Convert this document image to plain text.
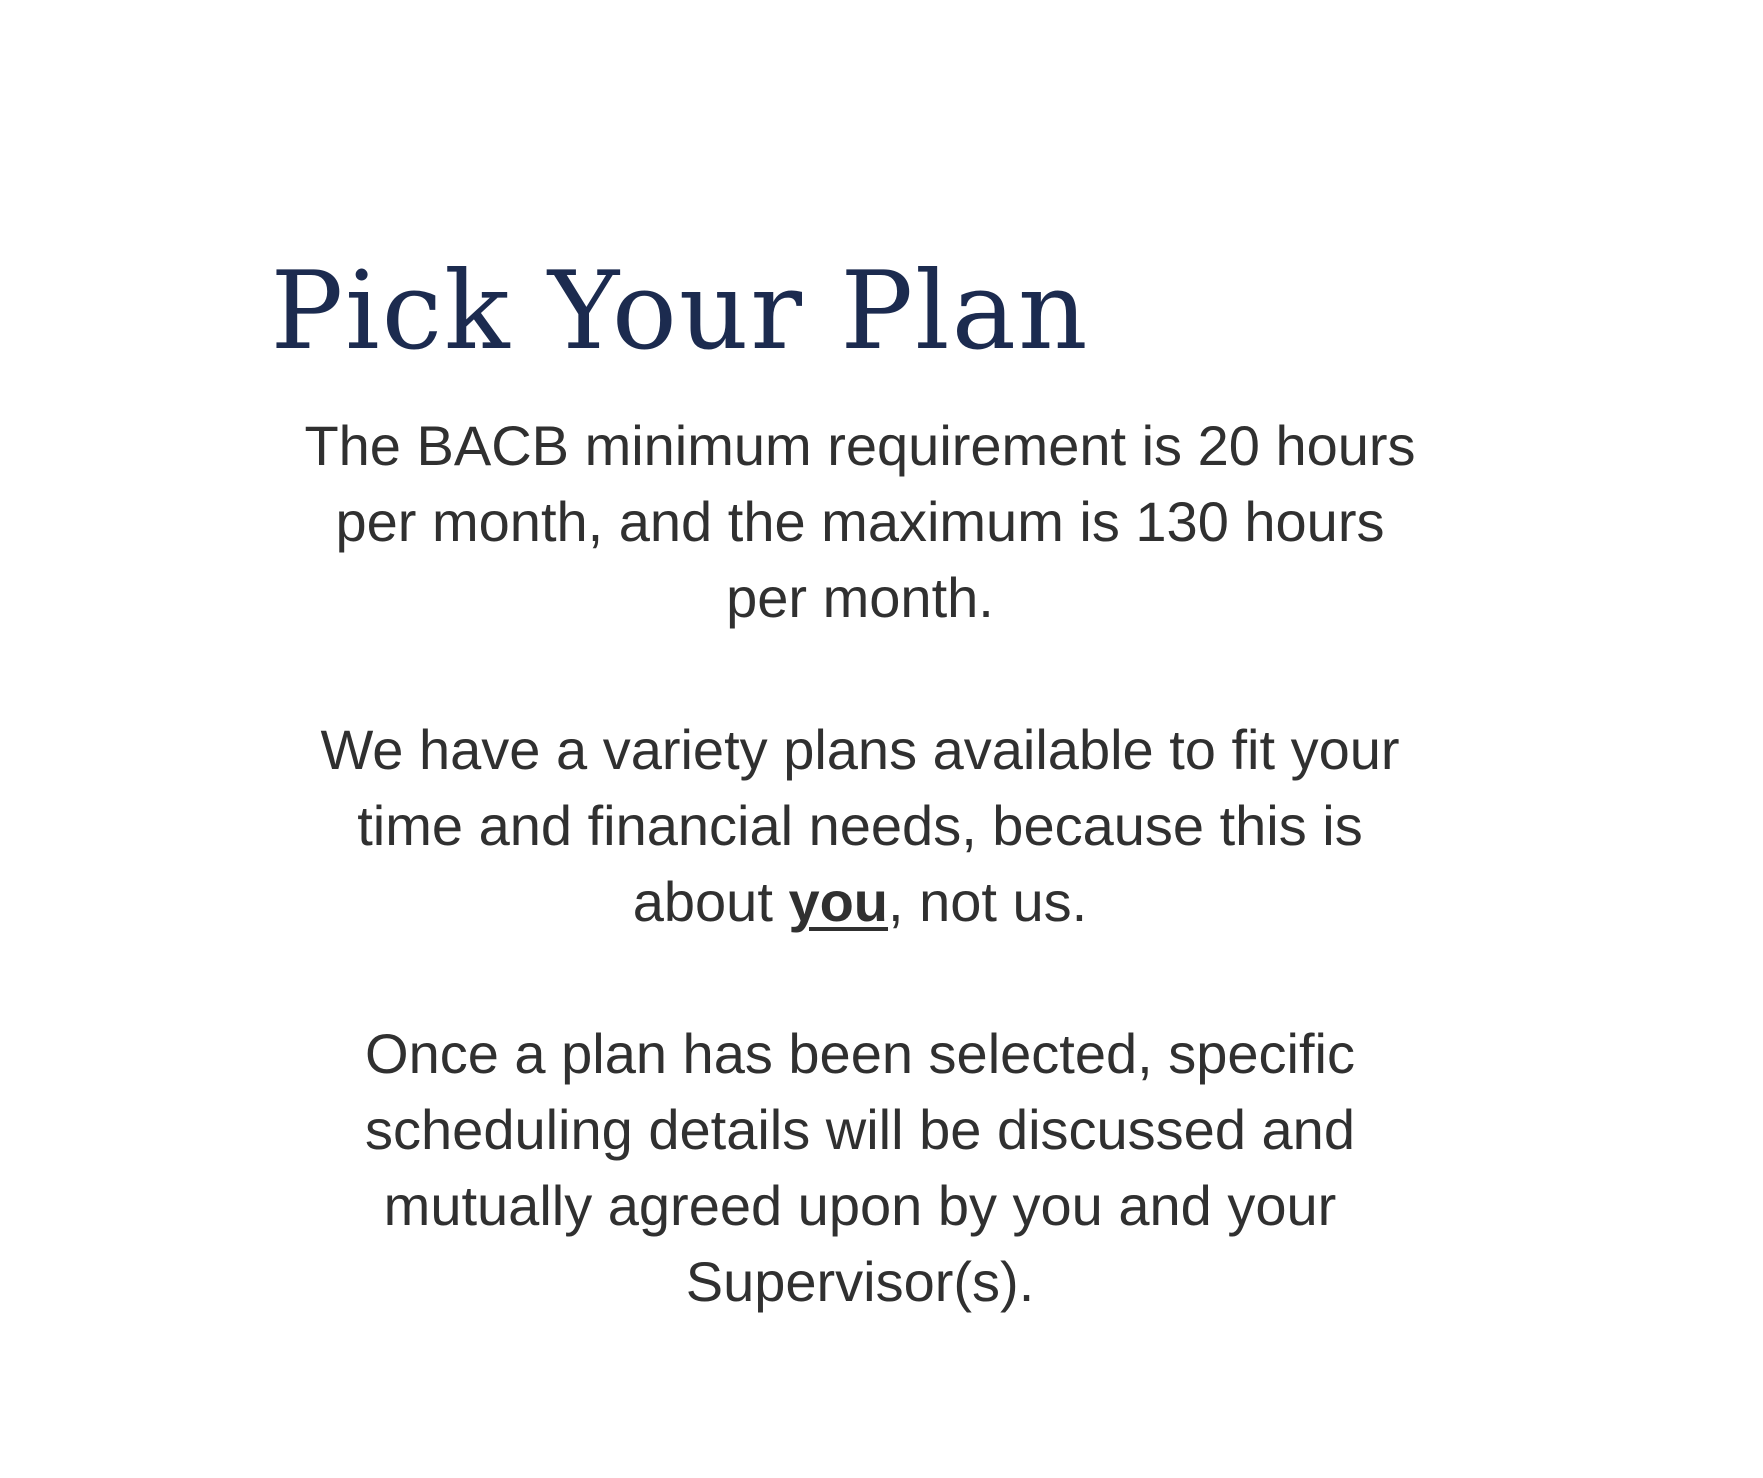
Pick Your Plan

The BACB minimum requirement is 20 hours per month, and the maximum is 130 hours per month.

We have a variety plans available to fit your time and financial needs, because this is about you, not us.

Once a plan has been selected, specific scheduling details will be discussed and mutually agreed upon by you and your Supervisor(s).
